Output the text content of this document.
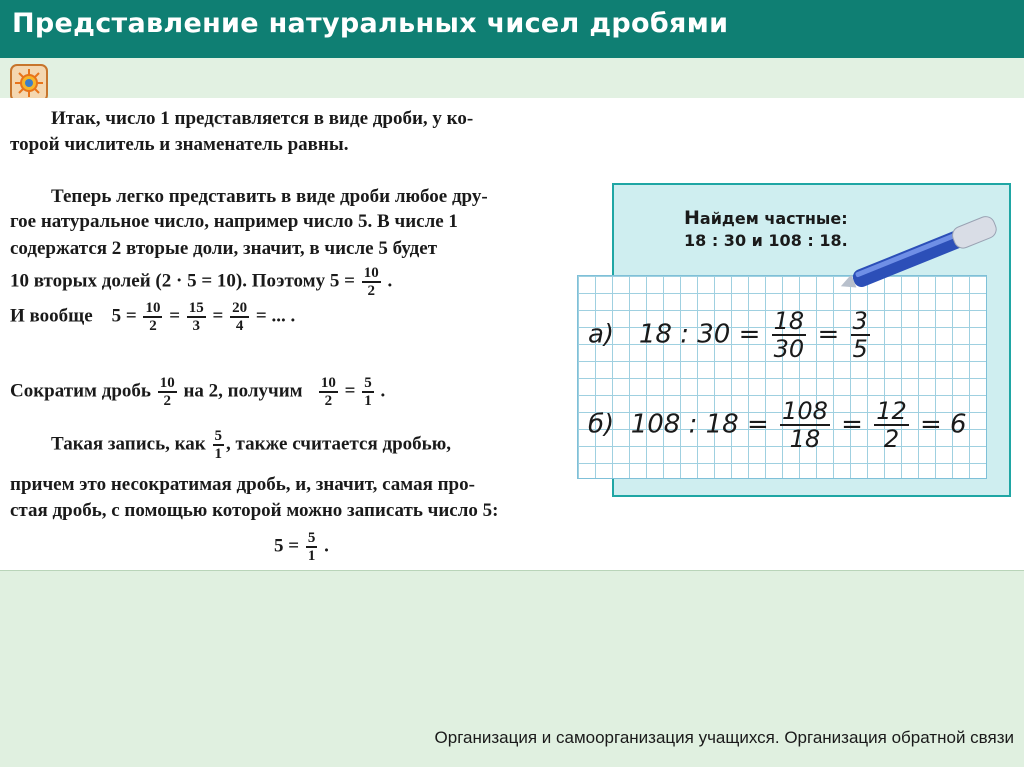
Представление натуральных чисел дробями
Итак, число 1 представляется в виде дроби, у ко-
торой числитель и знаменатель равны.
Теперь легко представить в виде дроби любое дру-
гое натуральное число, например число 5. В числе 1
содержатся 2 вторые доли, значит, в числе 5 будет
10 вторых долей (2 · 5 = 10). Поэтому $5 = \frac{10}{2}$ .
И вообще $5 = \frac{10}{2} = \frac{15}{3} = \frac{20}{4}$ = ... .
Сократим дробь $\frac{10}{2}$ на 2, получим $\frac{10}{2} = \frac{5}{1}$ .
Такая запись, как $\frac{5}{1}$ , также считается дробью,
причем это несократимая дробь, и, значит, самая про-
стая дробь, с помощью которой можно записать число 5:
$5 = \frac{5}{1}$ .
Найдем частные:
18 : 30 и 108 : 18.
а) 18 : $30 = \frac{18}{30} = \frac{3}{5}$
б) 108 : $18 = \frac{108}{18} = \frac{12}{2} = 6$
Организация и самоорганизация учащихся. Организация обратной связи
